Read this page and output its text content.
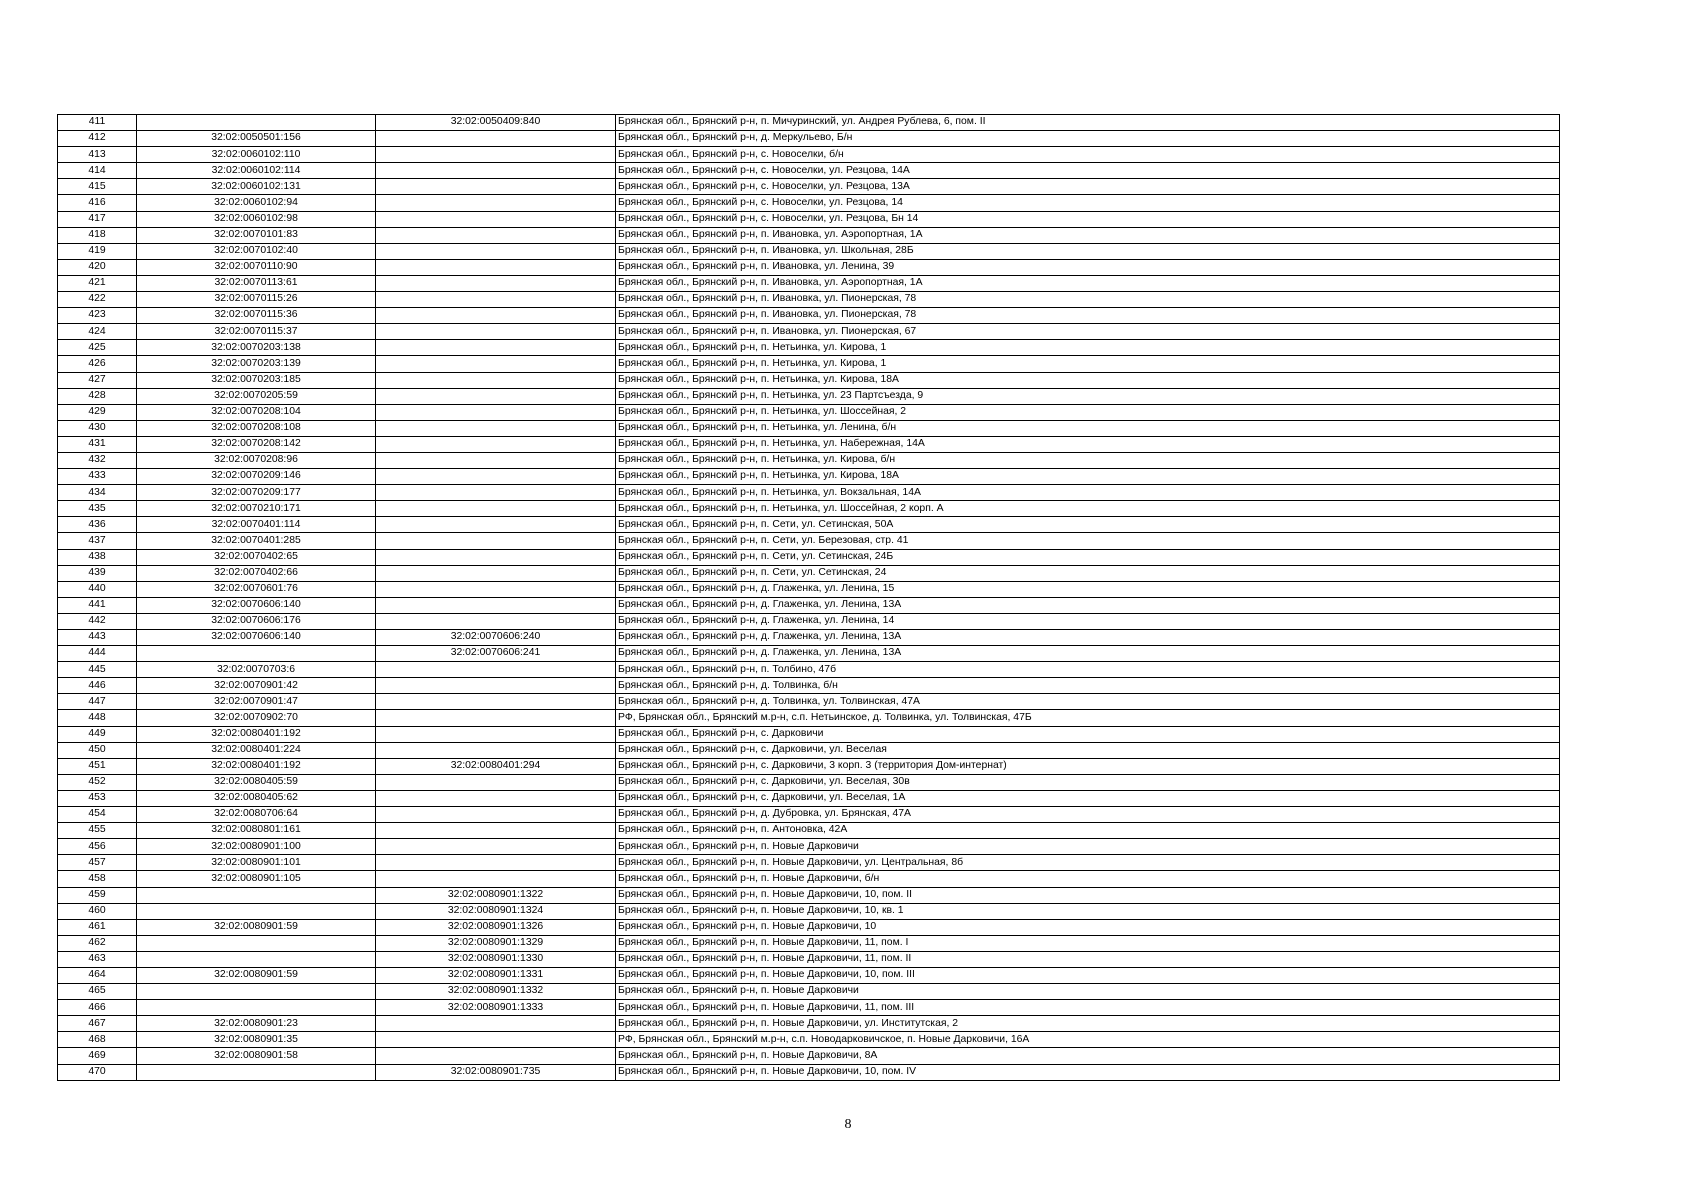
411		32:02:0050409:840	Брянская обл., Брянский р-н, п. Мичуринский, ул. Андрея Рублева, 6, пом. II
412	32:02:0050501:156		Брянская обл., Брянский р-н, д. Меркульево, Б/н
413	32:02:0060102:110		Брянская обл., Брянский р-н, с. Новоселки, б/н
414	32:02:0060102:114		Брянская обл., Брянский р-н, с. Новоселки, ул. Резцова, 14А
415	32:02:0060102:131		Брянская обл., Брянский р-н, с. Новоселки, ул. Резцова, 13А
416	32:02:0060102:94		Брянская обл., Брянский р-н, с. Новоселки, ул. Резцова, 14
417	32:02:0060102:98		Брянская обл., Брянский р-н, с. Новоселки, ул. Резцова, Бн 14
418	32:02:0070101:83		Брянская обл., Брянский р-н, п. Ивановка, ул. Аэропортная, 1А
419	32:02:0070102:40		Брянская обл., Брянский р-н, п. Ивановка, ул. Школьная, 28Б
420	32:02:0070110:90		Брянская обл., Брянский р-н, п. Ивановка, ул. Ленина, 39
421	32:02:0070113:61		Брянская обл., Брянский р-н, п. Ивановка, ул. Аэропортная, 1А
422	32:02:0070115:26		Брянская обл., Брянский р-н, п. Ивановка, ул. Пионерская, 78
423	32:02:0070115:36		Брянская обл., Брянский р-н, п. Ивановка, ул. Пионерская, 78
424	32:02:0070115:37		Брянская обл., Брянский р-н, п. Ивановка, ул. Пионерская, 67
425	32:02:0070203:138		Брянская обл., Брянский р-н, п. Нетьинка, ул. Кирова, 1
426	32:02:0070203:139		Брянская обл., Брянский р-н, п. Нетьинка, ул. Кирова, 1
427	32:02:0070203:185		Брянская обл., Брянский р-н, п. Нетьинка, ул. Кирова, 18А
428	32:02:0070205:59		Брянская обл., Брянский р-н, п. Нетьинка, ул. 23 Партсъезда, 9
429	32:02:0070208:104		Брянская обл., Брянский р-н, п. Нетьинка, ул. Шоссейная, 2
430	32:02:0070208:108		Брянская обл., Брянский р-н, п. Нетьинка, ул. Ленина, б/н
431	32:02:0070208:142		Брянская обл., Брянский р-н, п. Нетьинка, ул. Набережная, 14А
432	32:02:0070208:96		Брянская обл., Брянский р-н, п. Нетьинка, ул. Кирова, б/н
433	32:02:0070209:146		Брянская обл., Брянский р-н, п. Нетьинка, ул. Кирова, 18А
434	32:02:0070209:177		Брянская обл., Брянский р-н, п. Нетьинка, ул. Вокзальная, 14А
435	32:02:0070210:171		Брянская обл., Брянский р-н, п. Нетьинка, ул. Шоссейная, 2 корп. А
436	32:02:0070401:114		Брянская обл., Брянский р-н, п. Сети, ул. Сетинская, 50А
437	32:02:0070401:285		Брянская обл., Брянский р-н, п. Сети, ул. Березовая, стр. 41
438	32:02:0070402:65		Брянская обл., Брянский р-н, п. Сети, ул. Сетинская, 24Б
439	32:02:0070402:66		Брянская обл., Брянский р-н, п. Сети, ул. Сетинская, 24
440	32:02:0070601:76		Брянская обл., Брянский р-н, д. Глаженка, ул. Ленина, 15
441	32:02:0070606:140		Брянская обл., Брянский р-н, д. Глаженка, ул. Ленина, 13А
442	32:02:0070606:176		Брянская обл., Брянский р-н, д. Глаженка, ул. Ленина, 14
443	32:02:0070606:140	32:02:0070606:240	Брянская обл., Брянский р-н, д. Глаженка, ул. Ленина, 13А
444		32:02:0070606:241	Брянская обл., Брянский р-н, д. Глаженка, ул. Ленина, 13А
445	32:02:0070703:6		Брянская обл., Брянский р-н, п. Толбино, 47б
446	32:02:0070901:42		Брянская обл., Брянский р-н, д. Толвинка, б/н
447	32:02:0070901:47		Брянская обл., Брянский р-н, д. Толвинка, ул. Толвинская, 47А
448	32:02:0070902:70		РФ, Брянская обл., Брянский м.р-н, с.п. Нетьинское, д. Толвинка, ул. Толвинская, 47Б
449	32:02:0080401:192		Брянская обл., Брянский р-н, с. Дарковичи
450	32:02:0080401:224		Брянская обл., Брянский р-н, с. Дарковичи, ул. Веселая
451	32:02:0080401:192	32:02:0080401:294	Брянская обл., Брянский р-н, с. Дарковичи, 3 корп. 3 (территория Дом-интернат)
452	32:02:0080405:59		Брянская обл., Брянский р-н, с. Дарковичи, ул. Веселая, 30в
453	32:02:0080405:62		Брянская обл., Брянский р-н, с. Дарковичи, ул. Веселая, 1А
454	32:02:0080706:64		Брянская обл., Брянский р-н, д. Дубровка, ул. Брянская, 47А
455	32:02:0080801:161		Брянская обл., Брянский р-н, п. Антоновка, 42А
456	32:02:0080901:100		Брянская обл., Брянский р-н, п. Новые Дарковичи
457	32:02:0080901:101		Брянская обл., Брянский р-н, п. Новые Дарковичи, ул. Центральная, 8б
458	32:02:0080901:105		Брянская обл., Брянский р-н, п. Новые Дарковичи, б/н
459		32:02:0080901:1322	Брянская обл., Брянский р-н, п. Новые Дарковичи, 10, пом. II
460		32:02:0080901:1324	Брянская обл., Брянский р-н, п. Новые Дарковичи, 10, кв. 1
461	32:02:0080901:59	32:02:0080901:1326	Брянская обл., Брянский р-н, п. Новые Дарковичи, 10
462		32:02:0080901:1329	Брянская обл., Брянский р-н, п. Новые Дарковичи, 11, пом. I
463		32:02:0080901:1330	Брянская обл., Брянский р-н, п. Новые Дарковичи, 11, пом. II
464	32:02:0080901:59	32:02:0080901:1331	Брянская обл., Брянский р-н, п. Новые Дарковичи, 10, пом. III
465		32:02:0080901:1332	Брянская обл., Брянский р-н, п. Новые Дарковичи
466		32:02:0080901:1333	Брянская обл., Брянский р-н, п. Новые Дарковичи, 11, пом. III
467	32:02:0080901:23		Брянская обл., Брянский р-н, п. Новые Дарковичи, ул. Институтская, 2
468	32:02:0080901:35		РФ, Брянская обл., Брянский м.р-н, с.п. Новодарковичское, п. Новые Дарковичи, 16А
469	32:02:0080901:58		Брянская обл., Брянский р-н, п. Новые Дарковичи, 8А
470		32:02:0080901:735	Брянская обл., Брянский р-н, п. Новые Дарковичи, 10, пом. IV
8
